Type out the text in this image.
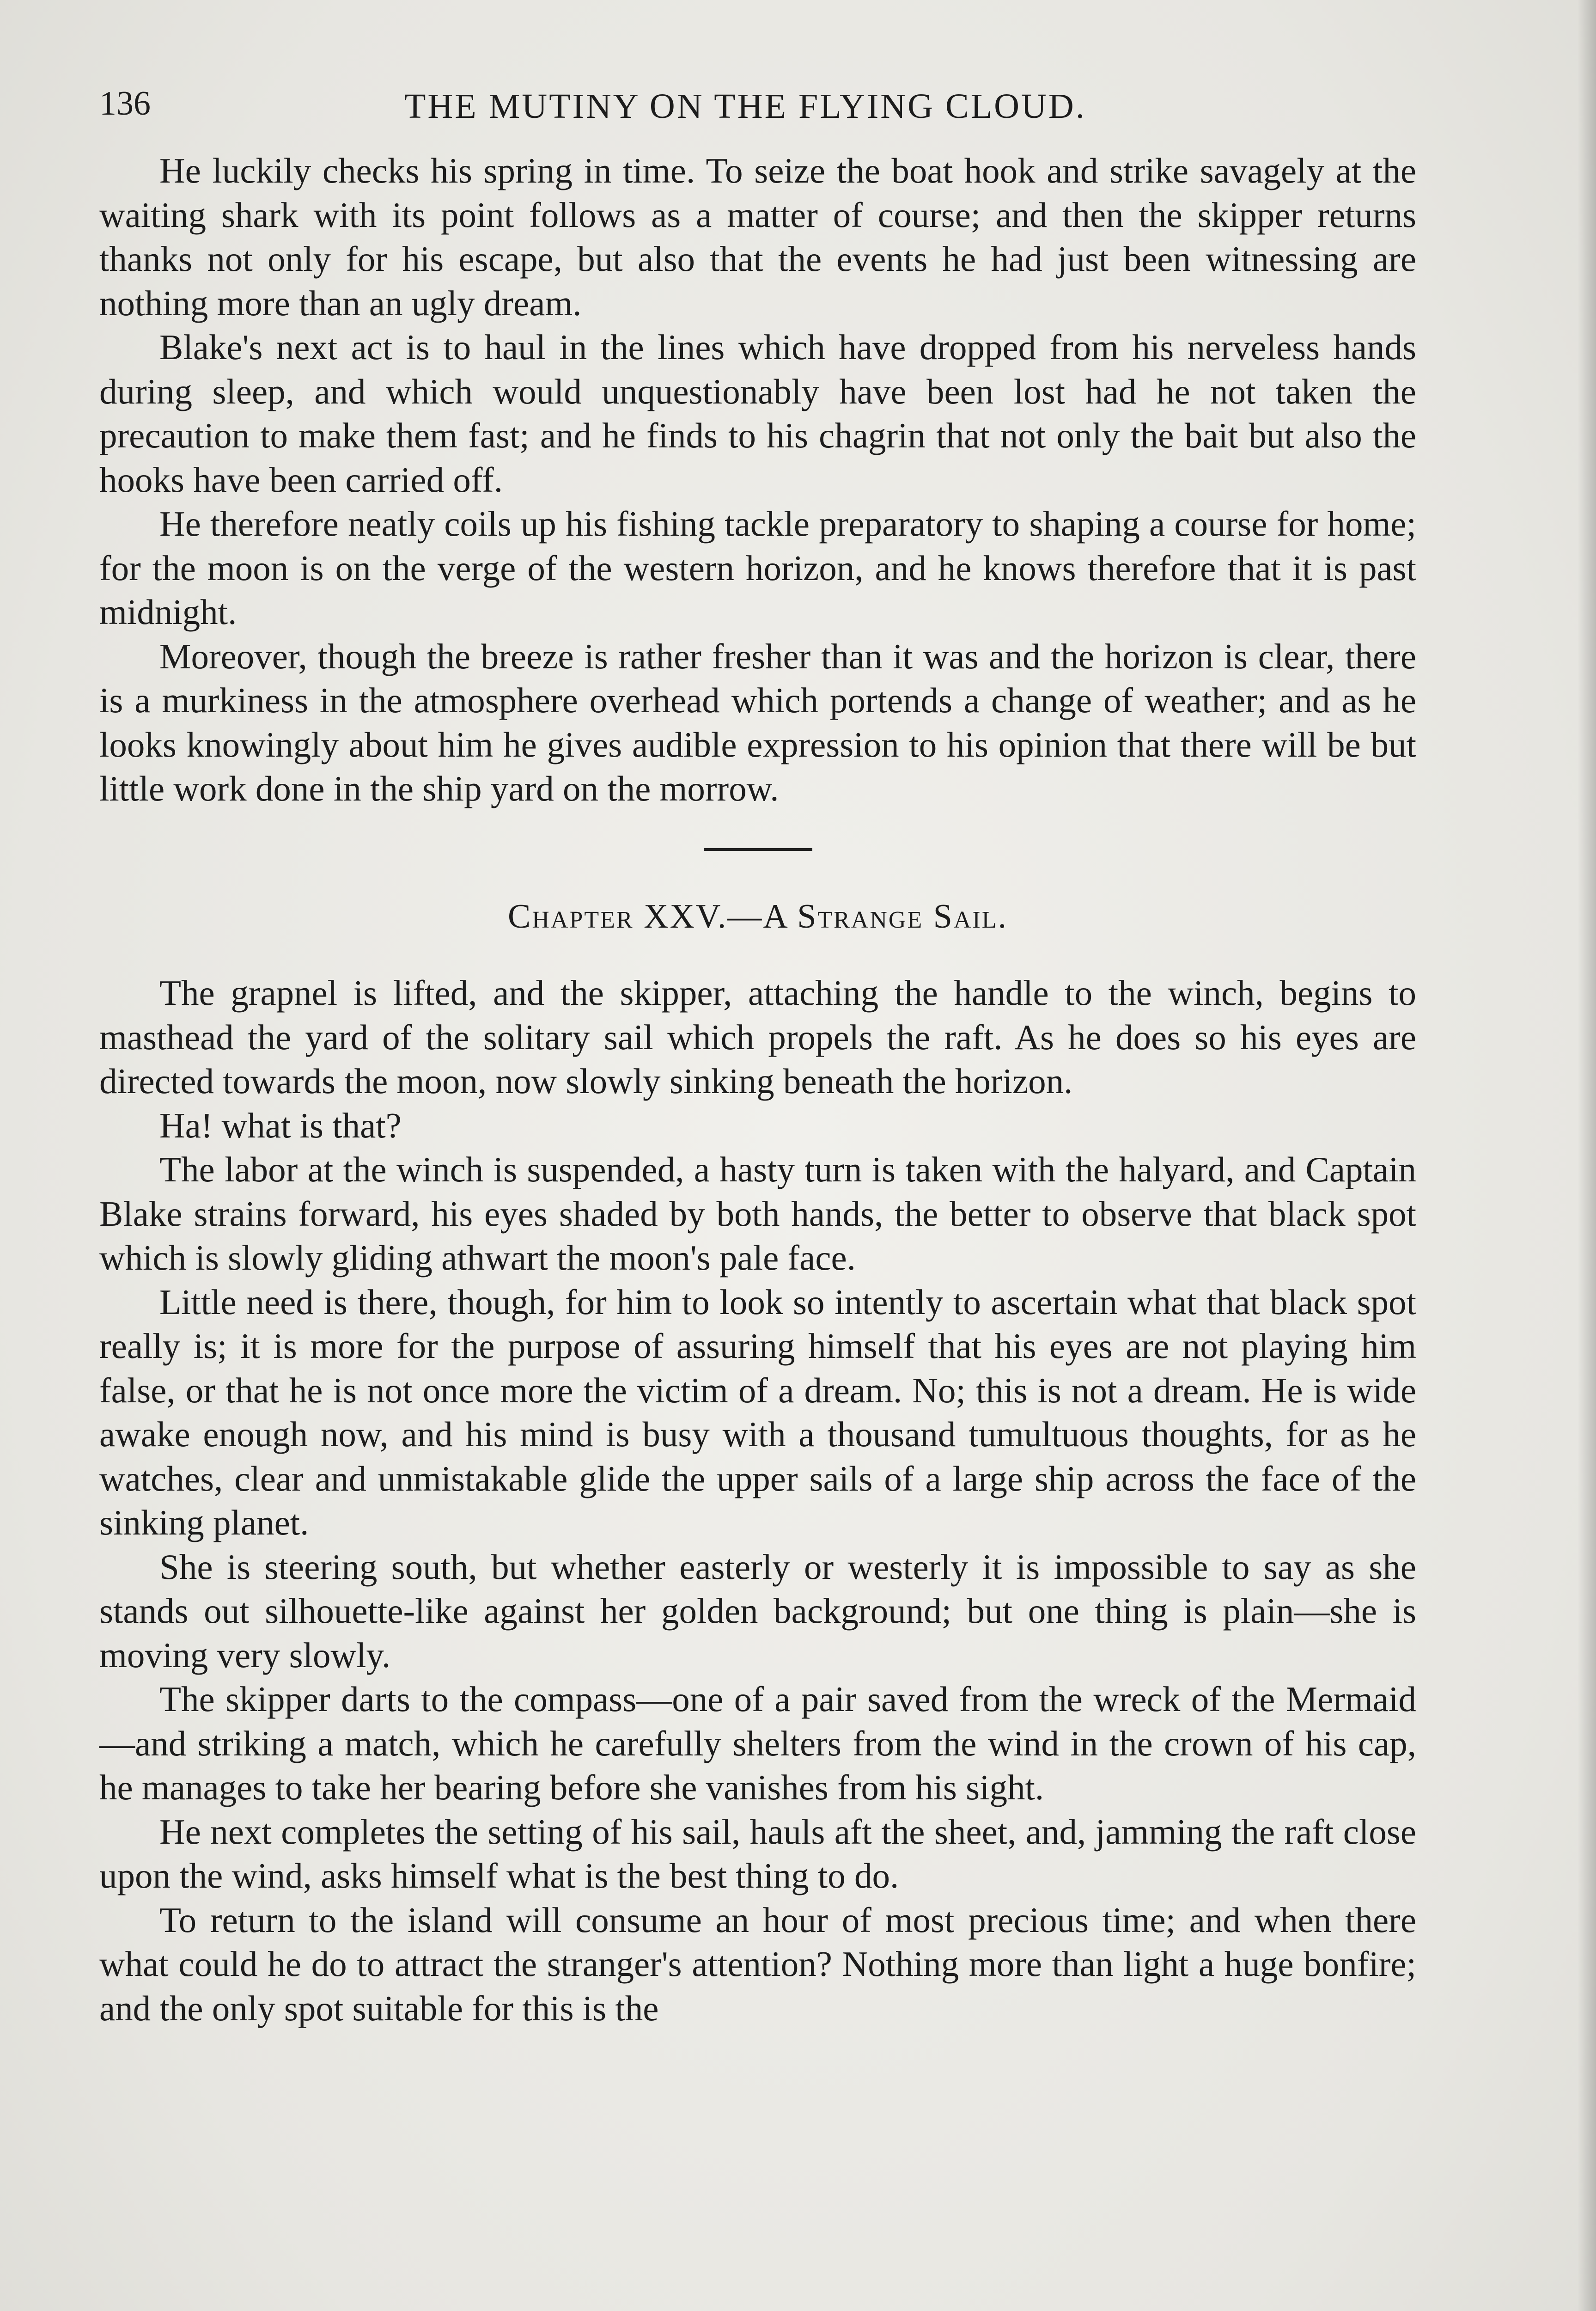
136	THE MUTINY ON THE FLYING CLOUD.

He luckily checks his spring in time. To seize the boat hook and strike savagely at the waiting shark with its point follows as a matter of course; and then the skipper returns thanks not only for his escape, but also that the events he had just been witnessing are nothing more than an ugly dream.

Blake's next act is to haul in the lines which have dropped from his nerveless hands during sleep, and which would unquestionably have been lost had he not taken the precaution to make them fast; and he finds to his chagrin that not only the bait but also the hooks have been carried off.

He therefore neatly coils up his fishing tackle preparatory to shaping a course for home; for the moon is on the verge of the western horizon, and he knows therefore that it is past midnight.

Moreover, though the breeze is rather fresher than it was and the horizon is clear, there is a murkiness in the atmosphere overhead which portends a change of weather; and as he looks knowingly about him he gives audible expression to his opinion that there will be but little work done in the ship yard on the morrow.

Chapter XXV.—A Strange Sail.

The grapnel is lifted, and the skipper, attaching the handle to the winch, begins to masthead the yard of the solitary sail which propels the raft. As he does so his eyes are directed towards the moon, now slowly sinking beneath the horizon.

Ha! what is that?

The labor at the winch is suspended, a hasty turn is taken with the halyard, and Captain Blake strains forward, his eyes shaded by both hands, the better to observe that black spot which is slowly gliding athwart the moon's pale face.

Little need is there, though, for him to look so intently to ascertain what that black spot really is; it is more for the purpose of assuring himself that his eyes are not playing him false, or that he is not once more the victim of a dream. No; this is not a dream. He is wide awake enough now, and his mind is busy with a thousand tumultuous thoughts, for as he watches, clear and unmistakable glide the upper sails of a large ship across the face of the sinking planet.

She is steering south, but whether easterly or westerly it is impossible to say as she stands out silhouette-like against her golden background; but one thing is plain—she is moving very slowly.

The skipper darts to the compass—one of a pair saved from the wreck of the Mermaid—and striking a match, which he carefully shelters from the wind in the crown of his cap, he manages to take her bearing before she vanishes from his sight.

He next completes the setting of his sail, hauls aft the sheet, and, jamming the raft close upon the wind, asks himself what is the best thing to do.

To return to the island will consume an hour of most precious time; and when there what could he do to attract the stranger's attention? Nothing more than light a huge bonfire; and the only spot suitable for this is the
